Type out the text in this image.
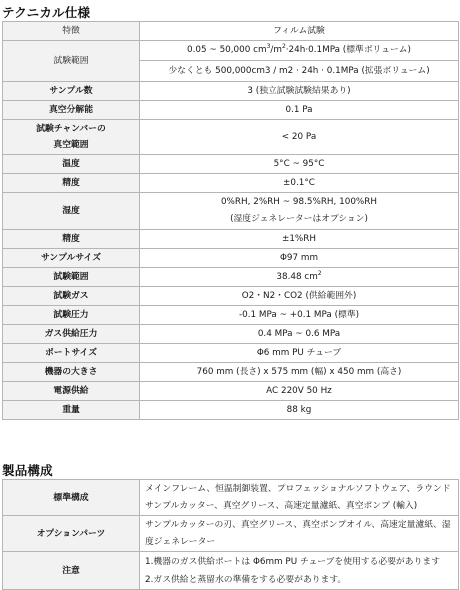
テクニカル仕様
特徴	フィルム試験
試験範囲	0.05 ~ 50,000 $cm^3/m^2\cdot 24h\cdot 0.1MPa$ (標準ボリューム)
少なくとも 500,000cm3 / m2 · 24h · 0.1MPa (拡張ボリューム)

サンプル数	3 (独立試験試験結果あり)
真空分解能	0.1 Pa
試験チャンバーの
真空範囲	< 20 Pa
温度	5°C ~ 95°C
精度	±0.1°C
湿度	0%RH, 2%RH ~ 98.5%RH, 100%RH
(湿度ジェネレーターはオプション)

精度	±1%RH
サンプルサイズ	Φ97 mm
試験範囲	38.48 $cm^2$
試験ガス	O2・N2・CO2 (供給範囲外)
試験圧力	-0.1 MPa ~ +0.1 MPa (標準)
ガス供給圧力	0.4 MPa ~ 0.6 MPa
ポートサイズ	Φ6 mm PU チューブ
機器の大きさ	760 mm (長さ) x 575 mm (幅) x 450 mm (高さ)
電源供給	AC 220V 50 Hz
重量	88 kg
製品構成
標準構成	メインフレーム、恒温制御装置、プロフェッショナルソフトウェア、ラウンドサンプルカッター、真空グリース、高速定量濾紙、真空ポンプ (輸入)
オプションパーツ	サンプルカッターの刃、真空グリース、真空ポンプオイル、高速定量濾紙、湿度ジェネレーター
注意	1.機器のガス供給ポートは Φ6mm PU チューブを使用する必要があります
2.ガス供給と蒸留水の準備をする必要があります。
